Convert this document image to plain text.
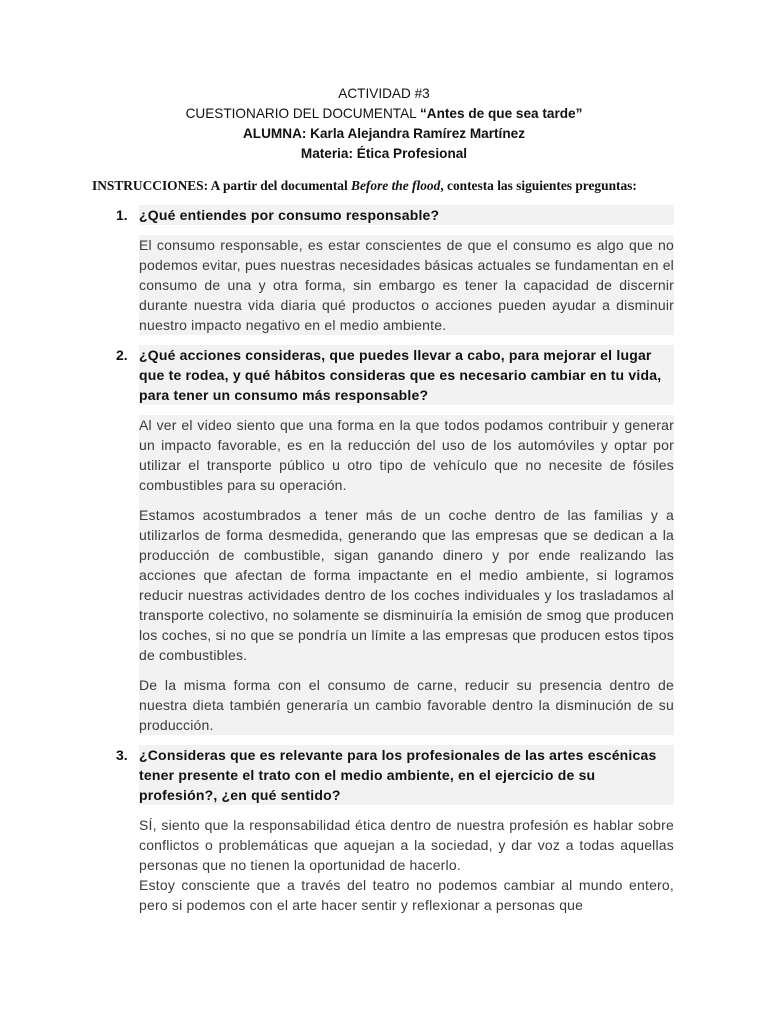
ACTIVIDAD #3
CUESTIONARIO DEL DOCUMENTAL “Antes de que sea tarde”
ALUMNA: Karla Alejandra Ramírez Martínez
Materia: Ética Profesional
INSTRUCCIONES: A partir del documental Before the flood, contesta las siguientes preguntas:
1. ¿Qué entiendes por consumo responsable?

El consumo responsable, es estar conscientes de que el consumo es algo que no podemos evitar, pues nuestras necesidades básicas actuales se fundamentan en el consumo de una y otra forma, sin embargo es tener la capacidad de discernir durante nuestra vida diaria qué productos o acciones pueden ayudar a disminuir nuestro impacto negativo en el medio ambiente.

2. ¿Qué acciones consideras, que puedes llevar a cabo, para mejorar el lugar que te rodea, y qué hábitos consideras que es necesario cambiar en tu vida, para tener un consumo más responsable?

Al ver el video siento que una forma en la que todos podamos contribuir y generar un impacto favorable, es en la reducción del uso de los automóviles y optar por utilizar el transporte público u otro tipo de vehículo que no necesite de fósiles combustibles para su operación.

Estamos acostumbrados a tener más de un coche dentro de las familias y a utilizarlos de forma desmedida, generando que las empresas que se dedican a la producción de combustible, sigan ganando dinero y por ende realizando las acciones que afectan de forma impactante en el medio ambiente, si logramos reducir nuestras actividades dentro de los coches individuales y los trasladamos al transporte colectivo, no solamente se disminuiría la emisión de smog que producen los coches, si no que se pondría un límite a las empresas que producen estos tipos de combustibles.

De la misma forma con el consumo de carne, reducir su presencia dentro de nuestra dieta también generaría un cambio favorable dentro la disminución de su producción.

3. ¿Consideras que es relevante para los profesionales de las artes escénicas tener presente el trato con el medio ambiente, en el ejercicio de su profesión?, ¿en qué sentido?

SÍ, siento que la responsabilidad ética dentro de nuestra profesión es hablar sobre conflictos o problemáticas que aquejan a la sociedad, y dar voz a todas aquellas personas que no tienen la oportunidad de hacerlo.

Estoy consciente que a través del teatro no podemos cambiar al mundo entero, pero si podemos con el arte hacer sentir y reflexionar a personas que
